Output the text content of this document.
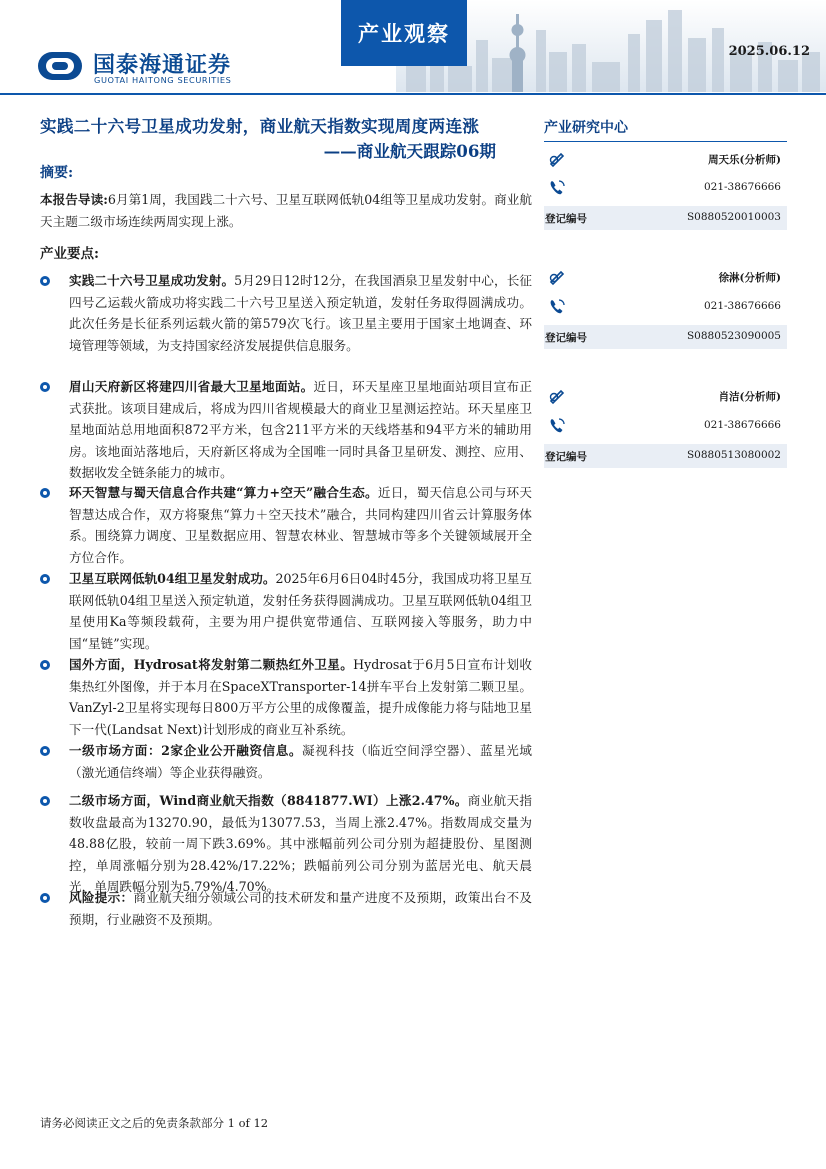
国泰海通证券
GUOTAI HAITONG SECURITIES
产业观察
2025.06.12
实践二十六号卫星成功发射，商业航天指数实现周度两连涨
——商业航天跟踪06期
摘要:
本报告导读:6月第1周，我国践二十六号、卫星互联网低轨04组等卫星成功发射。商业航天主题二级市场连续两周实现上涨。
产业要点:
实践二十六号卫星成功发射。5月29日12时12分，在我国酒泉卫星发射中心，长征四号乙运载火箭成功将实践二十六号卫星送入预定轨道，发射任务取得圆满成功。此次任务是长征系列运载火箭的第579次飞行。该卫星主要用于国家土地调查、环境管理等领域，为支持国家经济发展提供信息服务。
眉山天府新区将建四川省最大卫星地面站。近日，环天星座卫星地面站项目宣布正式获批。该项目建成后，将成为四川省规模最大的商业卫星测运控站。环天星座卫星地面站总用地面积872平方米，包含211平方米的天线塔基和94平方米的辅助用房。该地面站落地后，天府新区将成为全国唯一同时具备卫星研发、测控、应用、数据收发全链条能力的城市。
环天智慧与蜀天信息合作共建“算力+空天”融合生态。近日，蜀天信息公司与环天智慧达成合作，双方将聚焦“算力＋空天技术”融合，共同构建四川省云计算服务体系。围绕算力调度、卫星数据应用、智慧农林业、智慧城市等多个关键领域展开全方位合作。
卫星互联网低轨04组卫星发射成功。2025年6月6日04时45分，我国成功将卫星互联网低轨04组卫星送入预定轨道，发射任务获得圆满成功。卫星互联网低轨04组卫星使用Ka等频段载荷，主要为用户提供宽带通信、互联网接入等服务，助力中国“星链”实现。
国外方面，Hydrosat将发射第二颗热红外卫星。Hydrosat于6月5日宣布计划收集热红外图像，并于本月在SpaceXTransporter-14拼车平台上发射第二颗卫星。VanZyl-2卫星将实现每日800万平方公里的成像覆盖，提升成像能力将与陆地卫星下一代(Landsat Next)计划形成的商业互补系统。
一级市场方面：2家企业公开融资信息。凝视科技（临近空间浮空器）、蓝星光域（激光通信终端）等企业获得融资。
二级市场方面，Wind商业航天指数（8841877.WI）上涨2.47%。商业航天指数收盘最高为13270.90，最低为13077.53，当周上涨2.47%。指数周成交量为48.88亿股，较前一周下跌3.69%。其中涨幅前列公司分别为超捷股份、星图测控，单周涨幅分别为28.42%/17.22%；跌幅前列公司分别为蓝居光电、航天晨光，单周跌幅分别为5.79%/4.70%。
风险提示：商业航天细分领域公司的技术研发和量产进度不及预期，政策出台不及预期，行业融资不及预期。
产业研究中心
周天乐(分析师)
021-38676666
登记编号	S0880520010003
徐淋(分析师)
021-38676666
登记编号	S0880523090005
肖洁(分析师)
021-38676666
登记编号	S0880513080002
请务必阅读正文之后的免责条款部分 1 of 12
